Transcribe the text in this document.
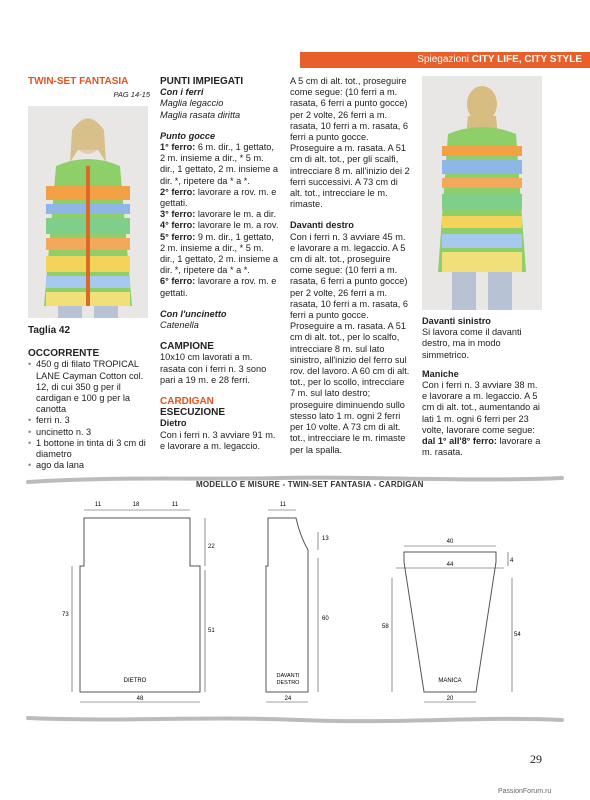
Spiegazioni CITY LIFE, CITY STYLE
TWIN-SET FANTASIA
PAG 14-15
Taglia 42
OCCORRENTE
• 450 g di filato TROPICAL LANE Cayman Cotton col. 12, di cui 350 g per il cardigan e 100 g per la canotta
• ferri n. 3
• uncinetto n. 3
• 1 bottone in tinta di 3 cm di diametro
• ago da lana
PUNTI IMPIEGATI
Con i ferri
Maglia legaccio
Maglia rasata diritta
Punto gocce

1° ferro: 6 m. dir., 1 gettato, 2 m. insieme a dir., * 5 m. dir., 1 gettato, 2 m. insieme a dir. *, ripetere da * a *.

2° ferro: lavorare a rov. m. e gettati.

3° ferro: lavorare le m. a dir.

4° ferro: lavorare le m. a rov.

5° ferro: 9 m. dir., 1 gettato, 2 m. insieme a dir., * 5 m. dir., 1 gettato, 2 m. insieme a dir. *, ripetere da * a *.

6° ferro: lavorare a rov. m. e gettati.

Con l'uncinetto
Catenella
CAMPIONE
10x10 cm lavorati a m. rasata con i ferri n. 3 sono pari a 19 m. e 28 ferri.
CARDIGAN
ESECUZIONE
Dietro
Con i ferri n. 3 avviare 91 m. e lavorare a m. legaccio.
A 5 cm di alt. tot., proseguire come segue: (10 ferri a m. rasata, 6 ferri a punto gocce) per 2 volte, 26 ferri a m. rasata, 10 ferri a m. rasata, 6 ferri a punto gocce. Proseguire a m. rasata. A 51 cm di alt. tot., per gli scalfi, intrecciare 8 m. all'inizio dei 2 ferri successivi. A 73 cm di alt. tot., intrecciare le m. rimaste.
Davanti destro
Con i ferri n. 3 avviare 45 m. e lavorare a m. legaccio. A 5 cm di alt. tot., proseguire come segue: (10 ferri a m. rasata, 6 ferri a punto gocce) per 2 volte, 26 ferri a m. rasata, 10 ferri a m. rasata, 6 ferri a punto gocce. Proseguire a m. rasata. A 51 cm di alt. tot., per lo scalfo, intrecciare 8 m. sul lato sinistro, all'inizio del ferro sul rov. del lavoro. A 60 cm di alt. tot., per lo scollo, intrecciare 7 m. sul lato destro; proseguire diminuendo sullo stesso lato 1 m. ogni 2 ferri per 10 volte. A 73 cm di alt. tot., intrecciare le m. rimaste per la spalla.
Davanti sinistro
Si lavora come il davanti destro, ma in modo simmetrico.
Maniche
Con i ferri n. 3 avviare 38 m. e lavorare a m. legaccio. A 5 cm di alt. tot., aumentando ai lati 1 m. ogni 6 ferri per 23 volte, lavorare come segue: dal 1° all'8° ferro: lavorare a m. rasata.
11	18	11
22
51
73
48
DIETRO
11
13
60
24
DAVANTI
DESTRO
40
44
4
58
54
20
MANICA
MODELLO E MISURE - TWIN-SET FANTASIA - CARDIGAN
29
PassionForum.ru
